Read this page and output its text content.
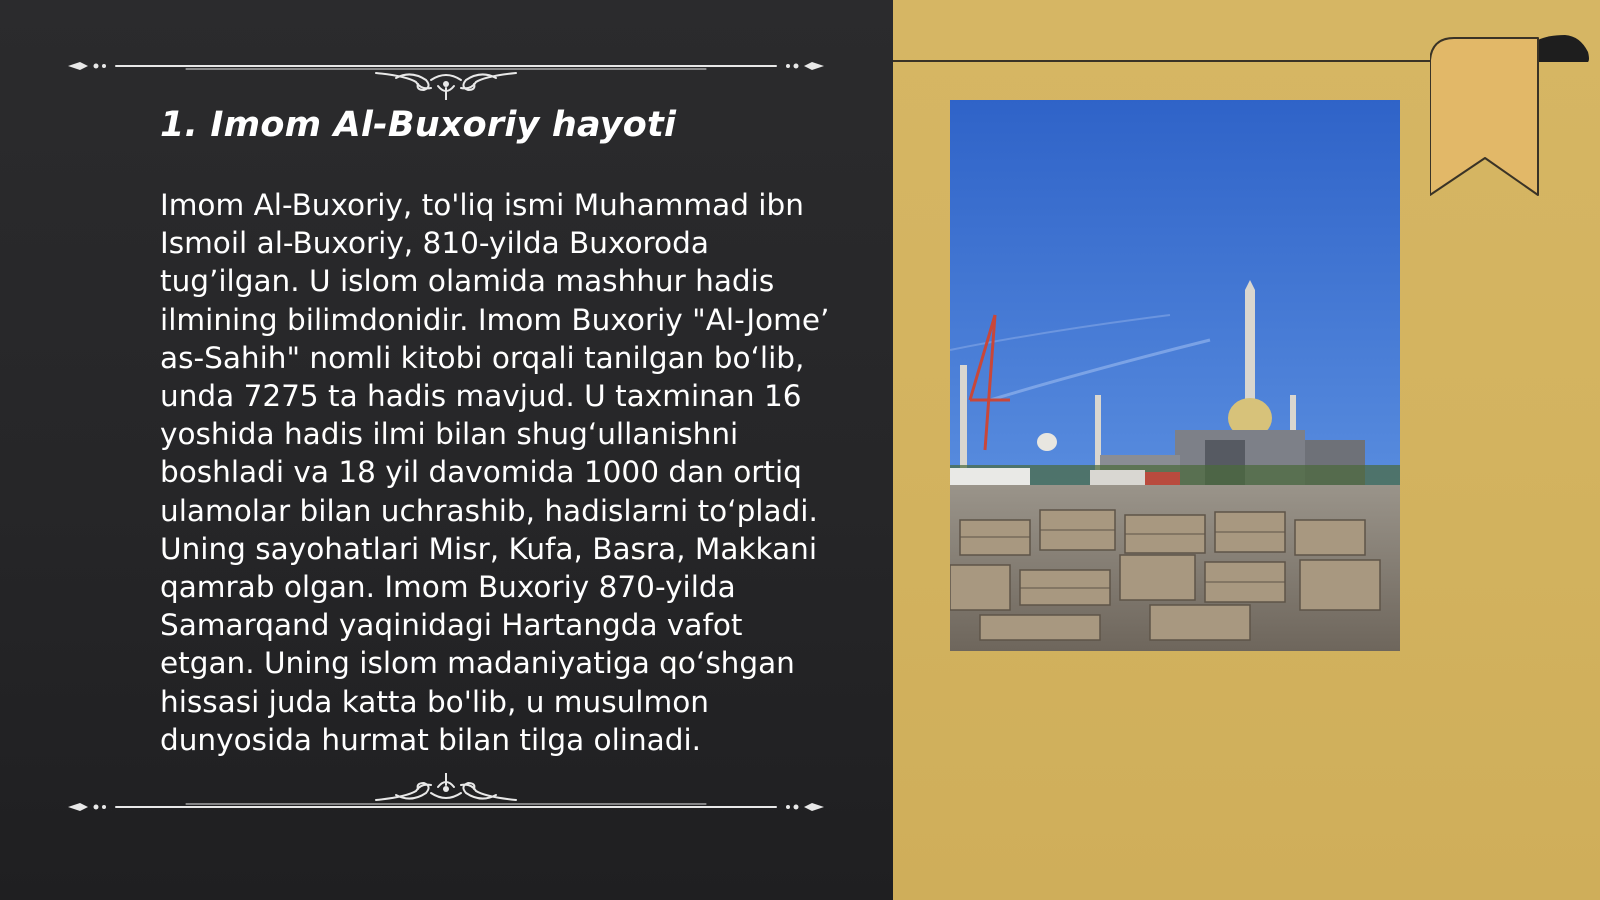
1. Imom Al-Buxoriy hayoti

Imom Al-Buxoriy, to'liq ismi Muhammad ibn
Ismoil al-Buxoriy, 810-yilda Buxoroda
tug’ilgan. U islom olamida mashhur hadis
ilmining bilimdonidir. Imom Buxoriy "Al-Jome’
as-Sahih" nomli kitobi orqali tanilgan bo‘lib,
unda 7275 ta hadis mavjud. U taxminan 16
yoshida hadis ilmi bilan shug‘ullanishni
boshladi va 18 yil davomida 1000 dan ortiq
ulamolar bilan uchrashib, hadislarni to‘pladi.
Uning sayohatlari Misr, Kufa, Basra, Makkani
qamrab olgan. Imom Buxoriy 870-yilda
Samarqand yaqinidagi Hartangda vafot
etgan. Uning islom madaniyatiga qo‘shgan
hissasi juda katta bo'lib, u musulmon
dunyosida hurmat bilan tilga olinadi.
